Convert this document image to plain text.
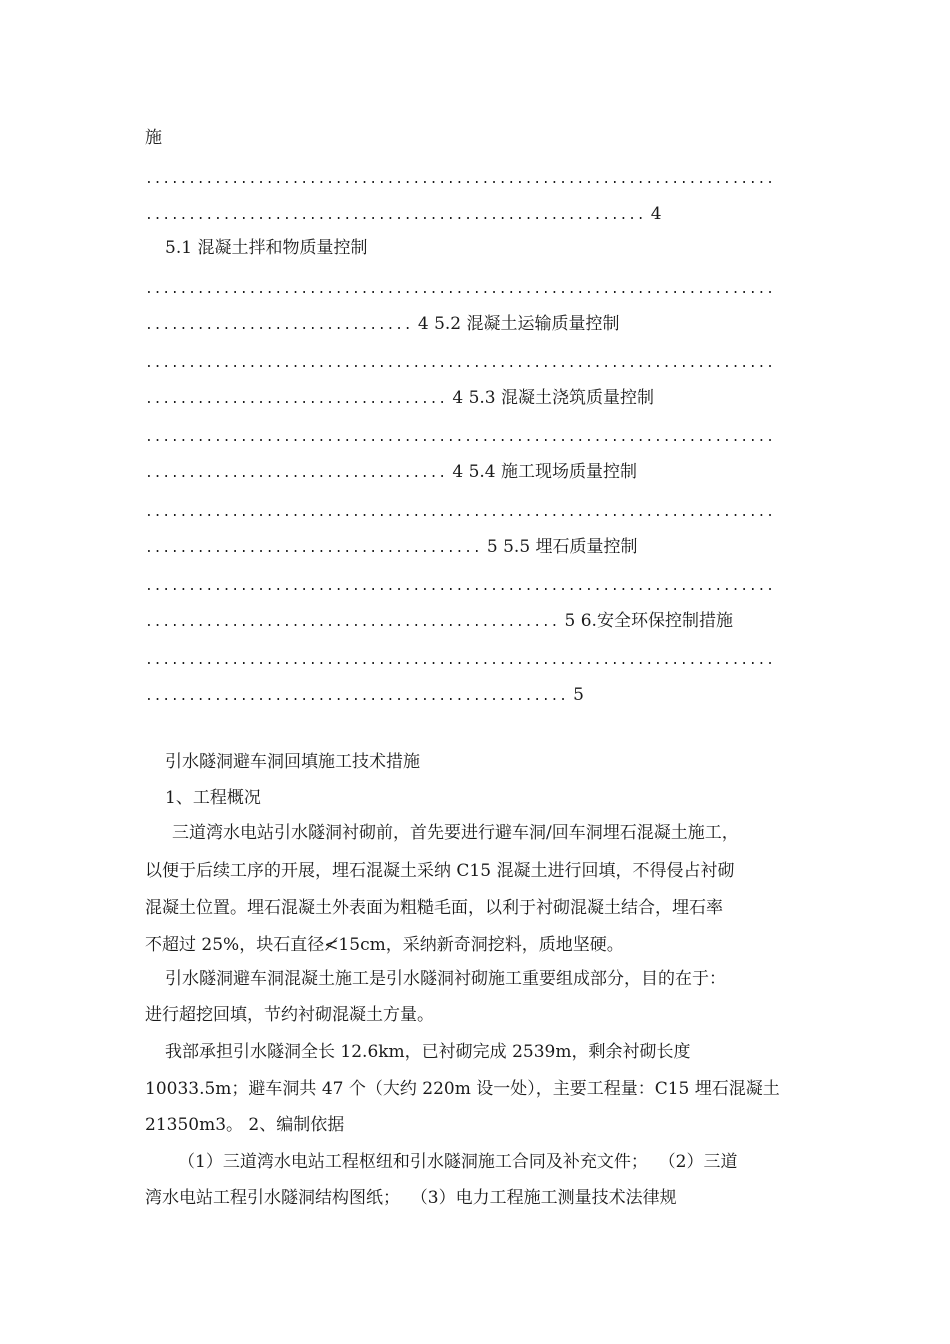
施
.........................................................................
.......................................................... 4
5.1 混凝土拌和物质量控制
.........................................................................
............................... 4 5.2 混凝土运输质量控制
.........................................................................
................................... 4 5.3 混凝土浇筑质量控制
.........................................................................
................................... 4 5.4 施工现场质量控制
.........................................................................
....................................... 5 5.5 埋石质量控制
.........................................................................
................................................ 5 6.安全环保控制措施
.........................................................................
................................................. 5
引水隧洞避车洞回填施工技术措施
1、工程概况
三道湾水电站引水隧洞衬砌前，首先要进行避车洞/回车洞埋石混凝土施工，
以便于后续工序的开展，埋石混凝土采纳 C15 混凝土进行回填，不得侵占衬砌
混凝土位置。埋石混凝土外表面为粗糙毛面，以利于衬砌混凝土结合，埋石率
不超过 25%，块石直径≮15cm，采纳新奇洞挖料，质地坚硬。
引水隧洞避车洞混凝土施工是引水隧洞衬砌施工重要组成部分，目的在于：
进行超挖回填，节约衬砌混凝土方量。
我部承担引水隧洞全长 12.6km，已衬砌完成 2539m，剩余衬砌长度
10033.5m；避车洞共 47 个（大约 220m 设一处），主要工程量：C15 埋石混凝土
21350m3。 2、编制依据
（1）三道湾水电站工程枢纽和引水隧洞施工合同及补充文件；  （2）三道
湾水电站工程引水隧洞结构图纸；  （3）电力工程施工测量技术法律规
